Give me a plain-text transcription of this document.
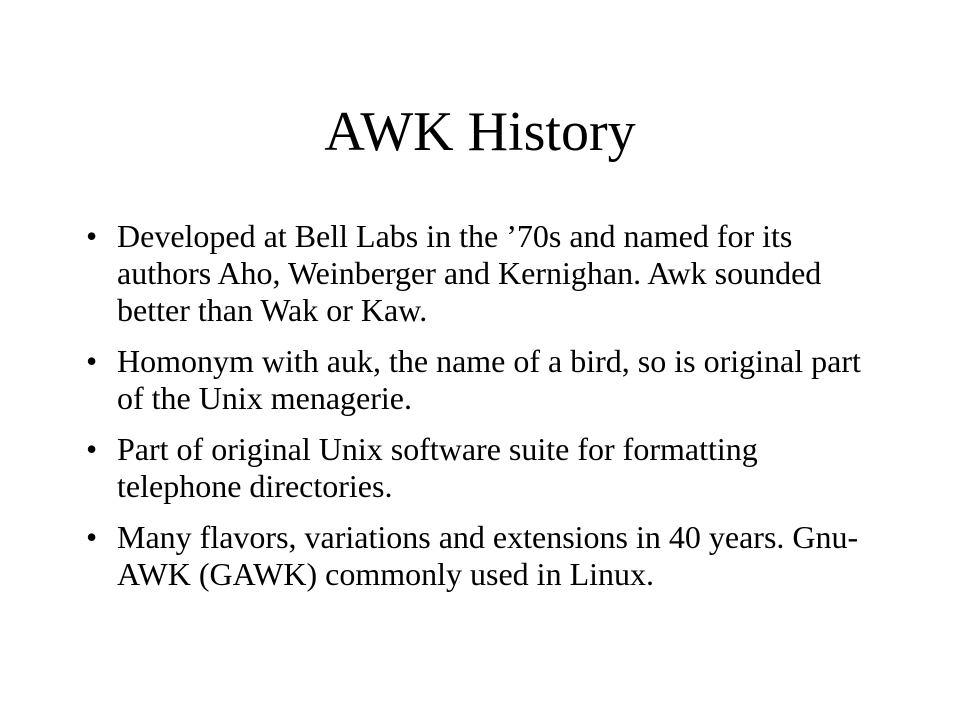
AWK History
• Developed at Bell Labs in the ’70s and named for its authors Aho, Weinberger and Kernighan. Awk sounded better than Wak or Kaw.
• Homonym with auk, the name of a bird, so is original part of the Unix menagerie.
• Part of original Unix software suite for formatting telephone directories.
• Many flavors, variations and extensions in 40 years. Gnu-AWK (GAWK) commonly used in Linux.
